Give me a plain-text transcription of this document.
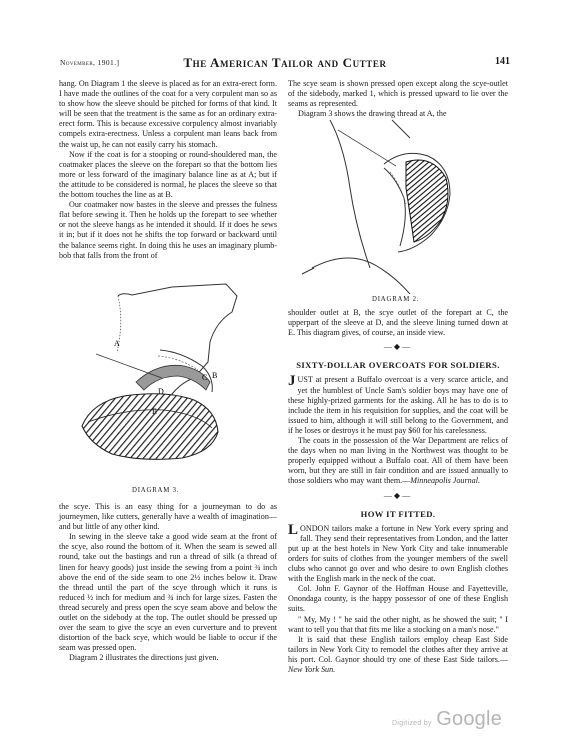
November, 1901.]	The American Tailor and Cutter	141

hang. On Diagram 1 the sleeve is placed as for an extra-erect form. I have made the outlines of the coat for a very corpulent man so as to show how the sleeve should be pitched for forms of that kind. It will be seen that the treatment is the same as for an ordinary extra-erect form. This is because excessive corpulency almost invariably compels extra-erectness. Unless a corpulent man leans back from the waist up, he can not easily carry his stomach.

Now if the coat is for a stooping or round-shouldered man, the coatmaker places the sleeve on the forepart so that the bottom lies more or less forward of the imaginary balance line as at A; but if the attitude to be considered is normal, he places the sleeve so that the bottom touches the line as at B.

Our coatmaker now bastes in the sleeve and presses the fulness flat before sewing it. Then he holds up the forepart to see whether or not the sleeve hangs as he intended it should. If it does he sews it in; but if it does not he shifts the top forward or backward until the balance seems right. In doing this he uses an imaginary plumb-bob that falls from the front of

A
B
C
D
E
DIAGRAM 3.

the scye. This is an easy thing for a journeyman to do as journeymen, like cutters, generally have a wealth of imagination—and but little of any other kind.

In sewing in the sleeve take a good wide seam at the front of the scye, also round the bottom of it. When the seam is sewed all round, take out the bastings and run a thread of silk (a thread of linen for heavy goods) just inside the sewing from a point ¾ inch above the end of the side seam to one 2½ inches below it. Draw the thread until the part of the scye through which it runs is reduced ½ inch for medium and ¾ inch for large sizes. Fasten the thread securely and press open the scye seam above and below the outlet on the sidebody at the top. The outlet should be pressed up over the seam to give the scye an even curverture and to prevent distortion of the back scye, which would be liable to occur if the seam was pressed open.

Diagram 2 illustrates the directions just given.

The scye seam is shown pressed open except along the scye-outlet of the sidebody, marked 1, which is pressed upward to lie over the seams as represented.

Diagram 3 shows the drawing thread at A, the

DIAGRAM 2.

shoulder outlet at B, the scye outlet of the forepart at C, the upperpart of the sleeve at D, and the sleeve lining turned down at E. This diagram gives, of course, an inside view.

—◆—
SIXTY-DOLLAR OVERCOATS FOR SOLDIERS.

JUST at present a Buffalo overcoat is a very scarce article, and yet the humblest of Uncle Sam's soldier boys may have one of these highly-prized garments for the asking. All he has to do is to include the item in his requisition for supplies, and the coat will be issued to him, although it will still belong to the Government, and if he loses or destroys it he must pay $60 for his carelessness.

The coats in the possession of the War Department are relics of the days when no man living in the Northwest was thought to be properly equipped without a Buffalo coat. All of them have been worn, but they are still in fair condition and are issued annually to those soldiers who may want them.—Minneapolis Journal.

—◆—
HOW IT FITTED.

LONDON tailors make a fortune in New York every spring and fall. They send their representatives from London, and the latter put up at the best hotels in New York City and take innumerable orders for suits of clothes from the younger members of the swell clubs who cannot go over and who desire to own English clothes with the English mark in the neck of the coat.

Col. John F. Gaynor of the Hoffman House and Fayetteville, Onondaga county, is the happy possessor of one of these English suits.

" My, My ! " he said the other night, as he showed the suit; " I want to tell you that that fits me like a stocking on a man's nose."

It is said that these English tailors employ cheap East Side tailors in New York City to remodel the clothes after they arrive at his port. Col. Gaynor should try one of these East Side tailors.—New York Sun.

Digitized by Google
